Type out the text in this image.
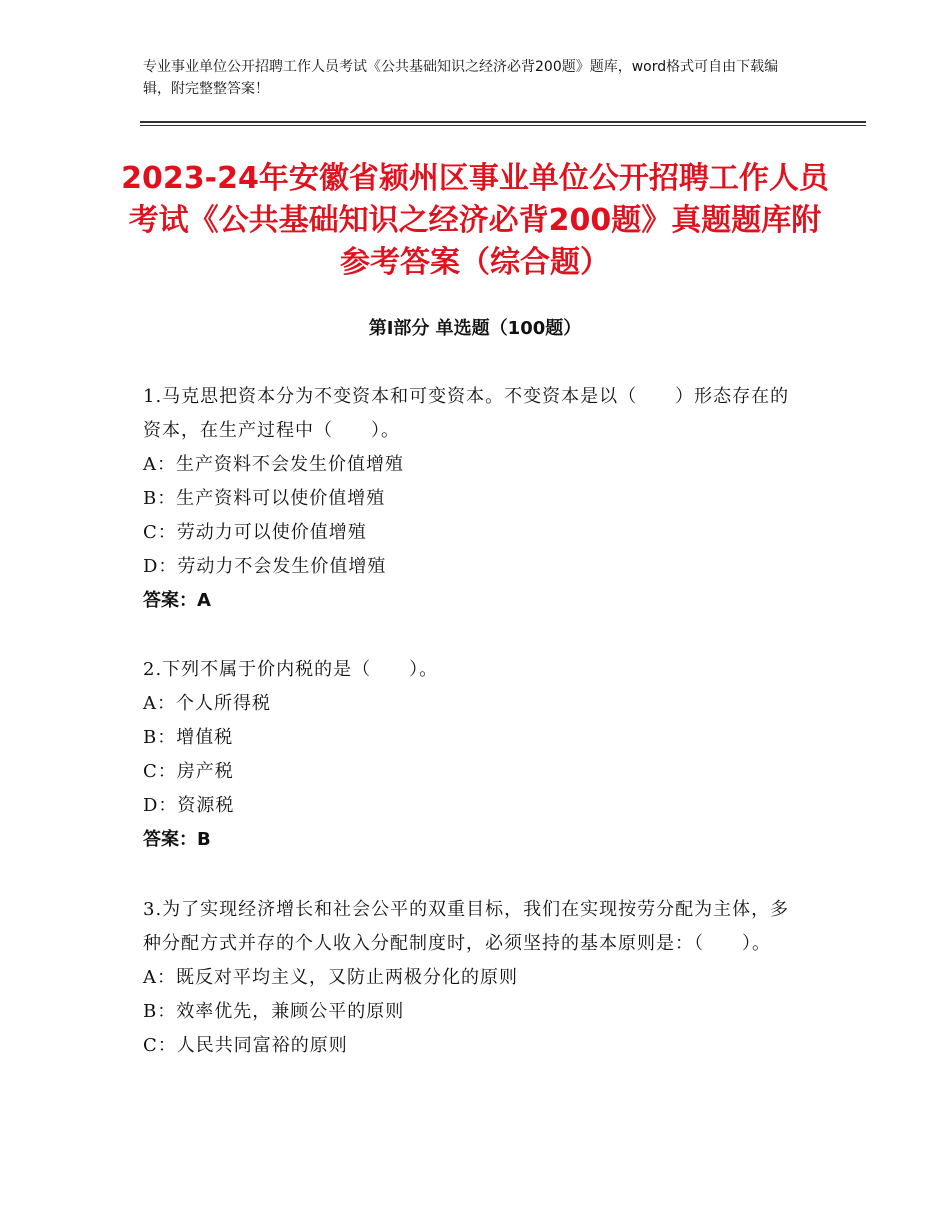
专业事业单位公开招聘工作人员考试《公共基础知识之经济必背200题》题库，word格式可自由下载编辑，附完整整答案！
2023-24年安徽省颍州区事业单位公开招聘工作人员考试《公共基础知识之经济必背200题》真题题库附参考答案（综合题）
第Ⅰ部分 单选题（100题）
1.马克思把资本分为不变资本和可变资本。不变资本是以（　　）形态存在的资本，在生产过程中（　　）。
A：生产资料不会发生价值增殖
B：生产资料可以使价值增殖
C：劳动力可以使价值增殖
D：劳动力不会发生价值增殖
答案：A
2.下列不属于价内税的是（　　）。
A：个人所得税
B：增值税
C：房产税
D：资源税
答案：B
3.为了实现经济增长和社会公平的双重目标，我们在实现按劳分配为主体，多种分配方式并存的个人收入分配制度时，必须坚持的基本原则是：（　　）。
A：既反对平均主义，又防止两极分化的原则
B：效率优先，兼顾公平的原则
C：人民共同富裕的原则
